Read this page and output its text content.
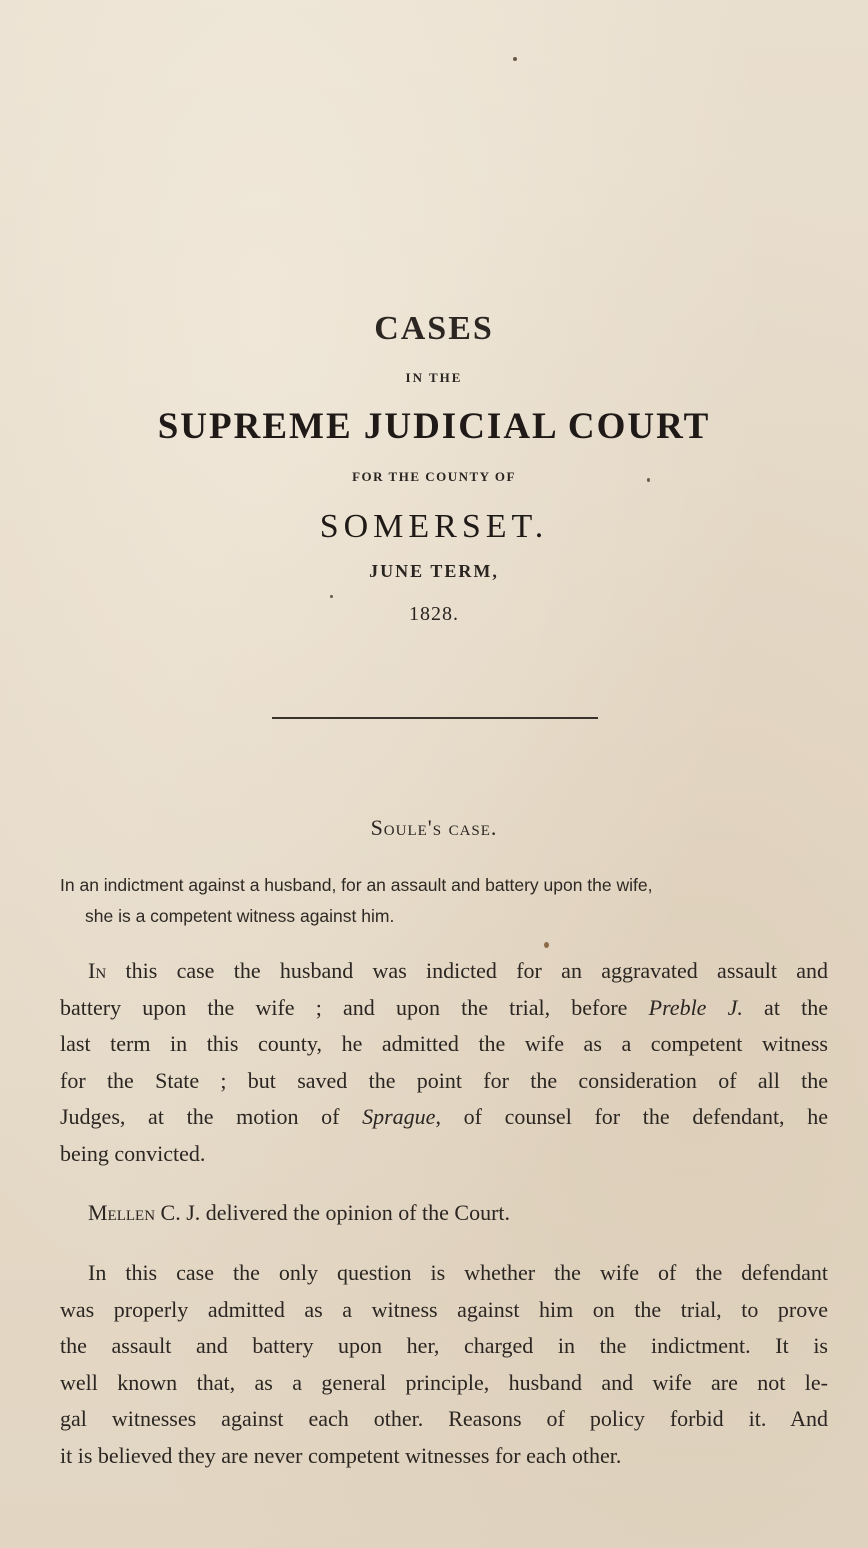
CASES
IN THE
SUPREME JUDICIAL COURT
FOR THE COUNTY OF
SOMERSET.
JUNE TERM,
1828.
Soule's case.
In an indictment against a husband, for an assault and battery upon the wife,
she is a competent witness against him.
In this case the husband was indicted for an aggravated assault and
battery upon the wife ; and upon the trial, before Preble J. at the
last term in this county, he admitted the wife as a competent witness
for the State ; but saved the point for the consideration of all the
Judges, at the motion of Sprague, of counsel for the defendant, he
being convicted.
Mellen C. J. delivered the opinion of the Court.
In this case the only question is whether the wife of the defendant
was properly admitted as a witness against him on the trial, to prove
the assault and battery upon her, charged in the indictment. It is
well known that, as a general principle, husband and wife are not le-
gal witnesses against each other. Reasons of policy forbid it. And
it is believed they are never competent witnesses for each other.
